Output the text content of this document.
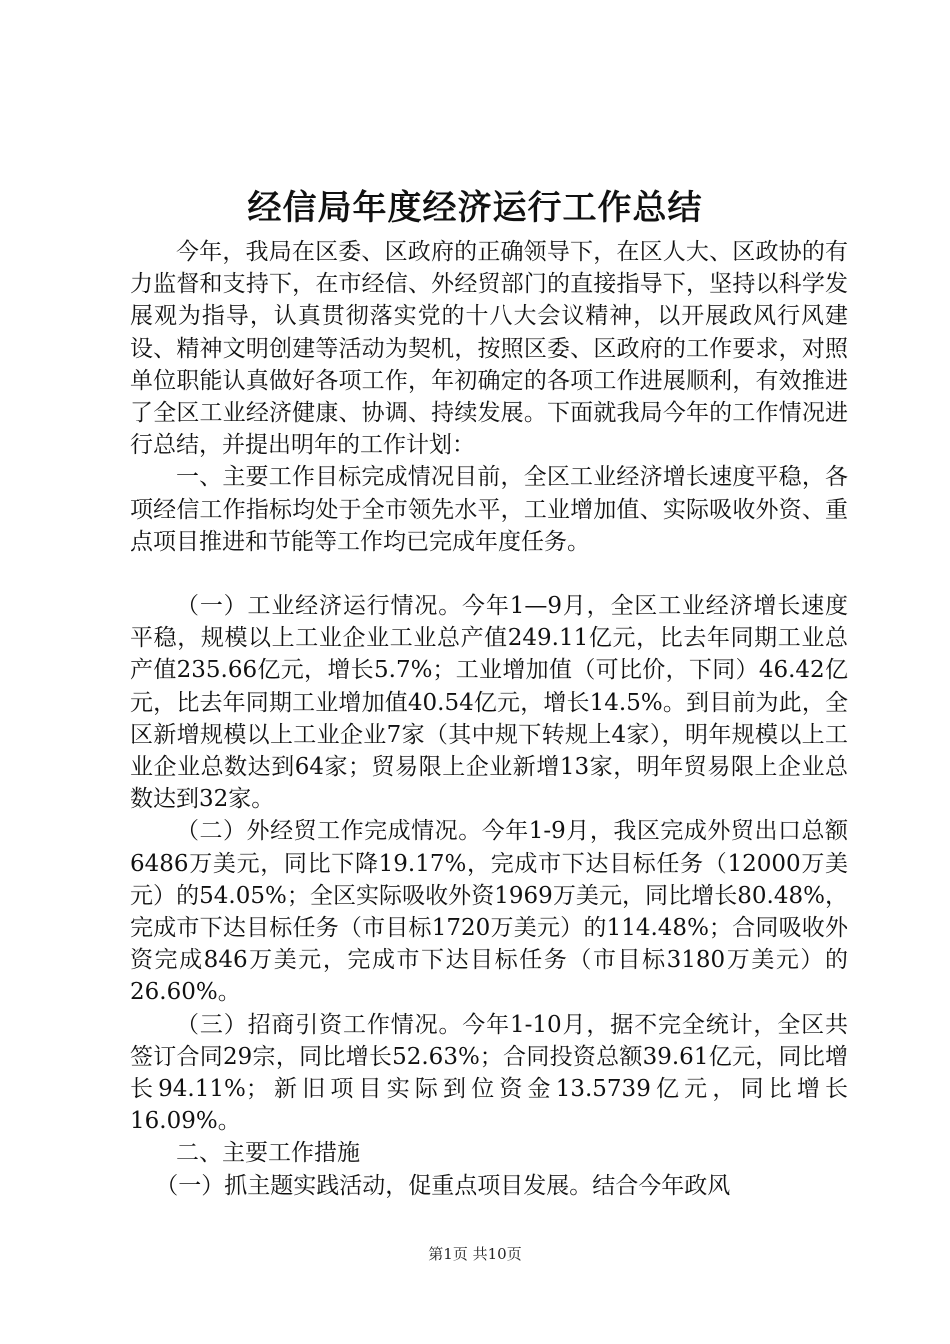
经信局年度经济运行工作总结

今年，我局在区委、区政府的正确领导下，在区人大、区政协的有力监督和支持下，在市经信、外经贸部门的直接指导下，坚持以科学发展观为指导，认真贯彻落实党的十八大会议精神，以开展政风行风建设、精神文明创建等活动为契机，按照区委、区政府的工作要求，对照单位职能认真做好各项工作，年初确定的各项工作进展顺利，有效推进了全区工业经济健康、协调、持续发展。下面就我局今年的工作情况进行总结，并提出明年的工作计划：

一、主要工作目标完成情况目前，全区工业经济增长速度平稳，各项经信工作指标均处于全市领先水平，工业增加值、实际吸收外资、重点项目推进和节能等工作均已完成年度任务。

（一）工业经济运行情况。今年1—9月，全区工业经济增长速度平稳，规模以上工业企业工业总产值249.11亿元，比去年同期工业总产值235.66亿元，增长5.7%；工业增加值（可比价，下同）46.42亿元，比去年同期工业增加值40.54亿元，增长14.5%。到目前为此，全区新增规模以上工业企业7家（其中规下转规上4家），明年规模以上工业企业总数达到64家；贸易限上企业新增13家，明年贸易限上企业总数达到32家。

（二）外经贸工作完成情况。今年1-9月，我区完成外贸出口总额6486万美元，同比下降19.17%，完成市下达目标任务（12000万美元）的54.05%；全区实际吸收外资1969万美元，同比增长80.48%，完成市下达目标任务（市目标1720万美元）的114.48%；合同吸收外资完成846万美元，完成市下达目标任务（市目标3180万美元）的26.60%。

（三）招商引资工作情况。今年1-10月，据不完全统计，全区共签订合同29宗，同比增长52.63%；合同投资总额39.61亿元，同比增长94.11%；新旧项目实际到位资金13.5739亿元，同比增长16.09%。

二、主要工作措施

（一）抓主题实践活动，促重点项目发展。结合今年政风

第1页 共10页
